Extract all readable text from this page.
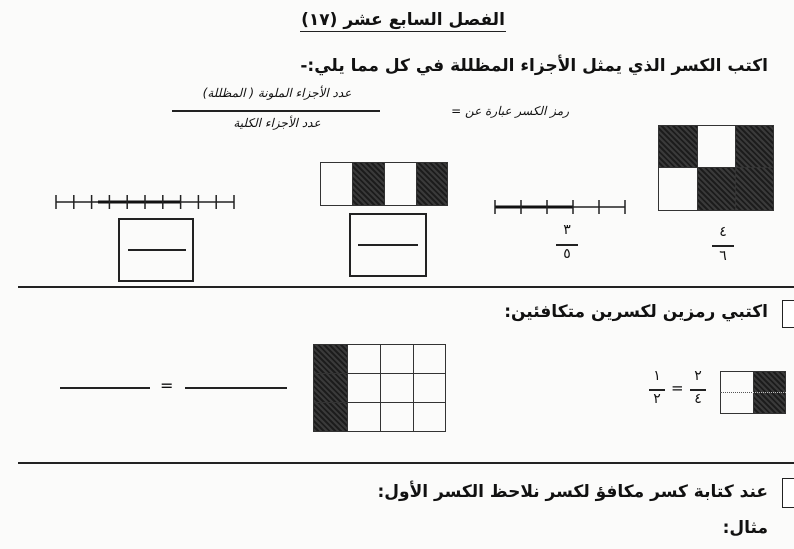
الفصل السابع عشر (١٧)
اكتب الكسر الذي يمثل الأجزاء المظللة في كل مما يلي:-
عدد الأجزاء الملونة ( المظللة)
عدد الأجزاء الكلية
رمز الكسر عبارة عن =
٤
٦
٣
٥
اكتبي رمزين لكسرين متكافئين:
=	١
٢
=
٢
٤
عند كتابة كسر مكافؤ لكسر نلاحظ الكسر الأول:
مثال:
